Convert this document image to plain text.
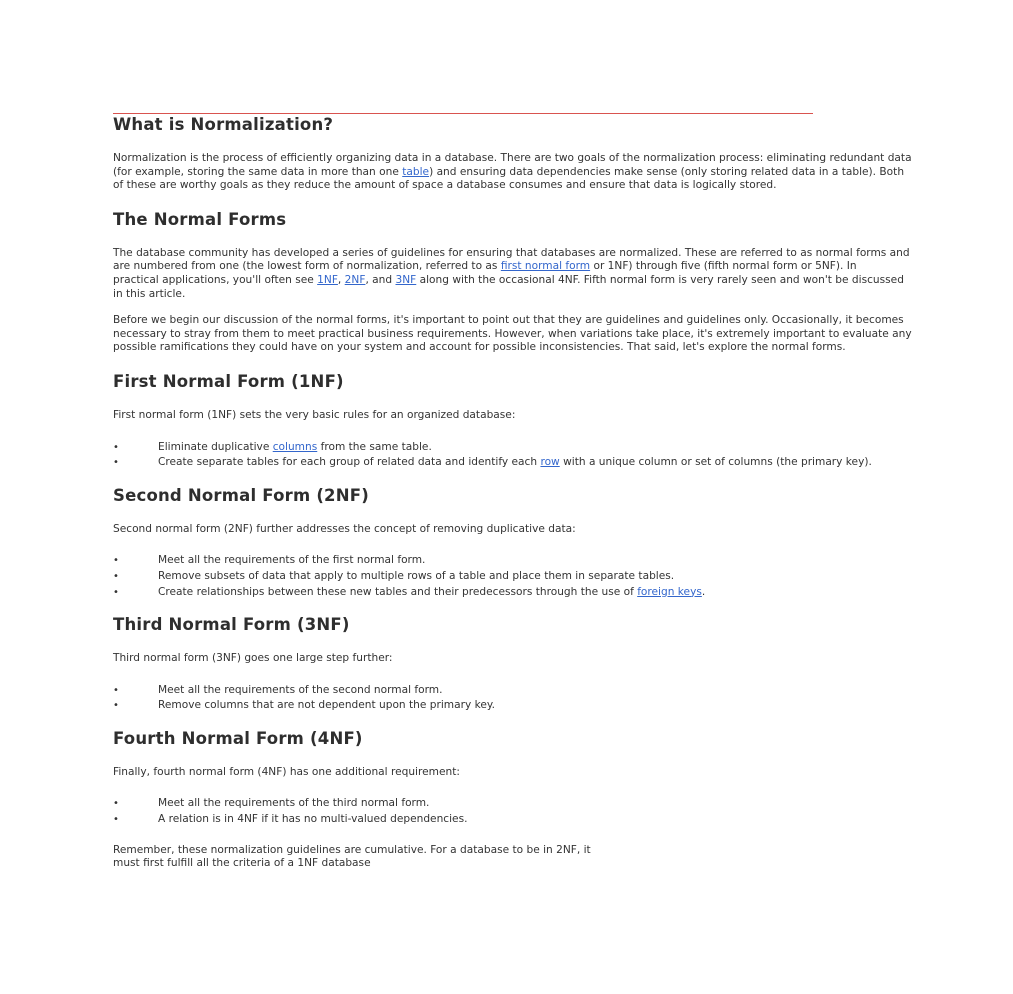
What is Normalization?

Normalization is the process of efficiently organizing data in a database. There are two goals of the normalization process: eliminating redundant data
(for example, storing the same data in more than one table) and ensuring data dependencies make sense (only storing related data in a table). Both
of these are worthy goals as they reduce the amount of space a database consumes and ensure that data is logically stored.

The Normal Forms

The database community has developed a series of guidelines for ensuring that databases are normalized. These are referred to as normal forms and
are numbered from one (the lowest form of normalization, referred to as first normal form or 1NF) through five (fifth normal form or 5NF). In
practical applications, you'll often see 1NF, 2NF, and 3NF along with the occasional 4NF. Fifth normal form is very rarely seen and won't be discussed
in this article.

Before we begin our discussion of the normal forms, it's important to point out that they are guidelines and guidelines only. Occasionally, it becomes
necessary to stray from them to meet practical business requirements. However, when variations take place, it's extremely important to evaluate any
possible ramifications they could have on your system and account for possible inconsistencies. That said, let's explore the normal forms.

First Normal Form (1NF)

First normal form (1NF) sets the very basic rules for an organized database:

•	Eliminate duplicative columns from the same table.
•	Create separate tables for each group of related data and identify each row with a unique column or set of columns (the primary key).
Second Normal Form (2NF)

Second normal form (2NF) further addresses the concept of removing duplicative data:

•	Meet all the requirements of the first normal form.
•	Remove subsets of data that apply to multiple rows of a table and place them in separate tables.
•	Create relationships between these new tables and their predecessors through the use of foreign keys.
Third Normal Form (3NF)

Third normal form (3NF) goes one large step further:

•	Meet all the requirements of the second normal form.
•	Remove columns that are not dependent upon the primary key.
Fourth Normal Form (4NF)

Finally, fourth normal form (4NF) has one additional requirement:

•	Meet all the requirements of the third normal form.
•	A relation is in 4NF if it has no multi-valued dependencies.

Remember, these normalization guidelines are cumulative. For a database to be in 2NF, it
must first fulfill all the criteria of a 1NF database
